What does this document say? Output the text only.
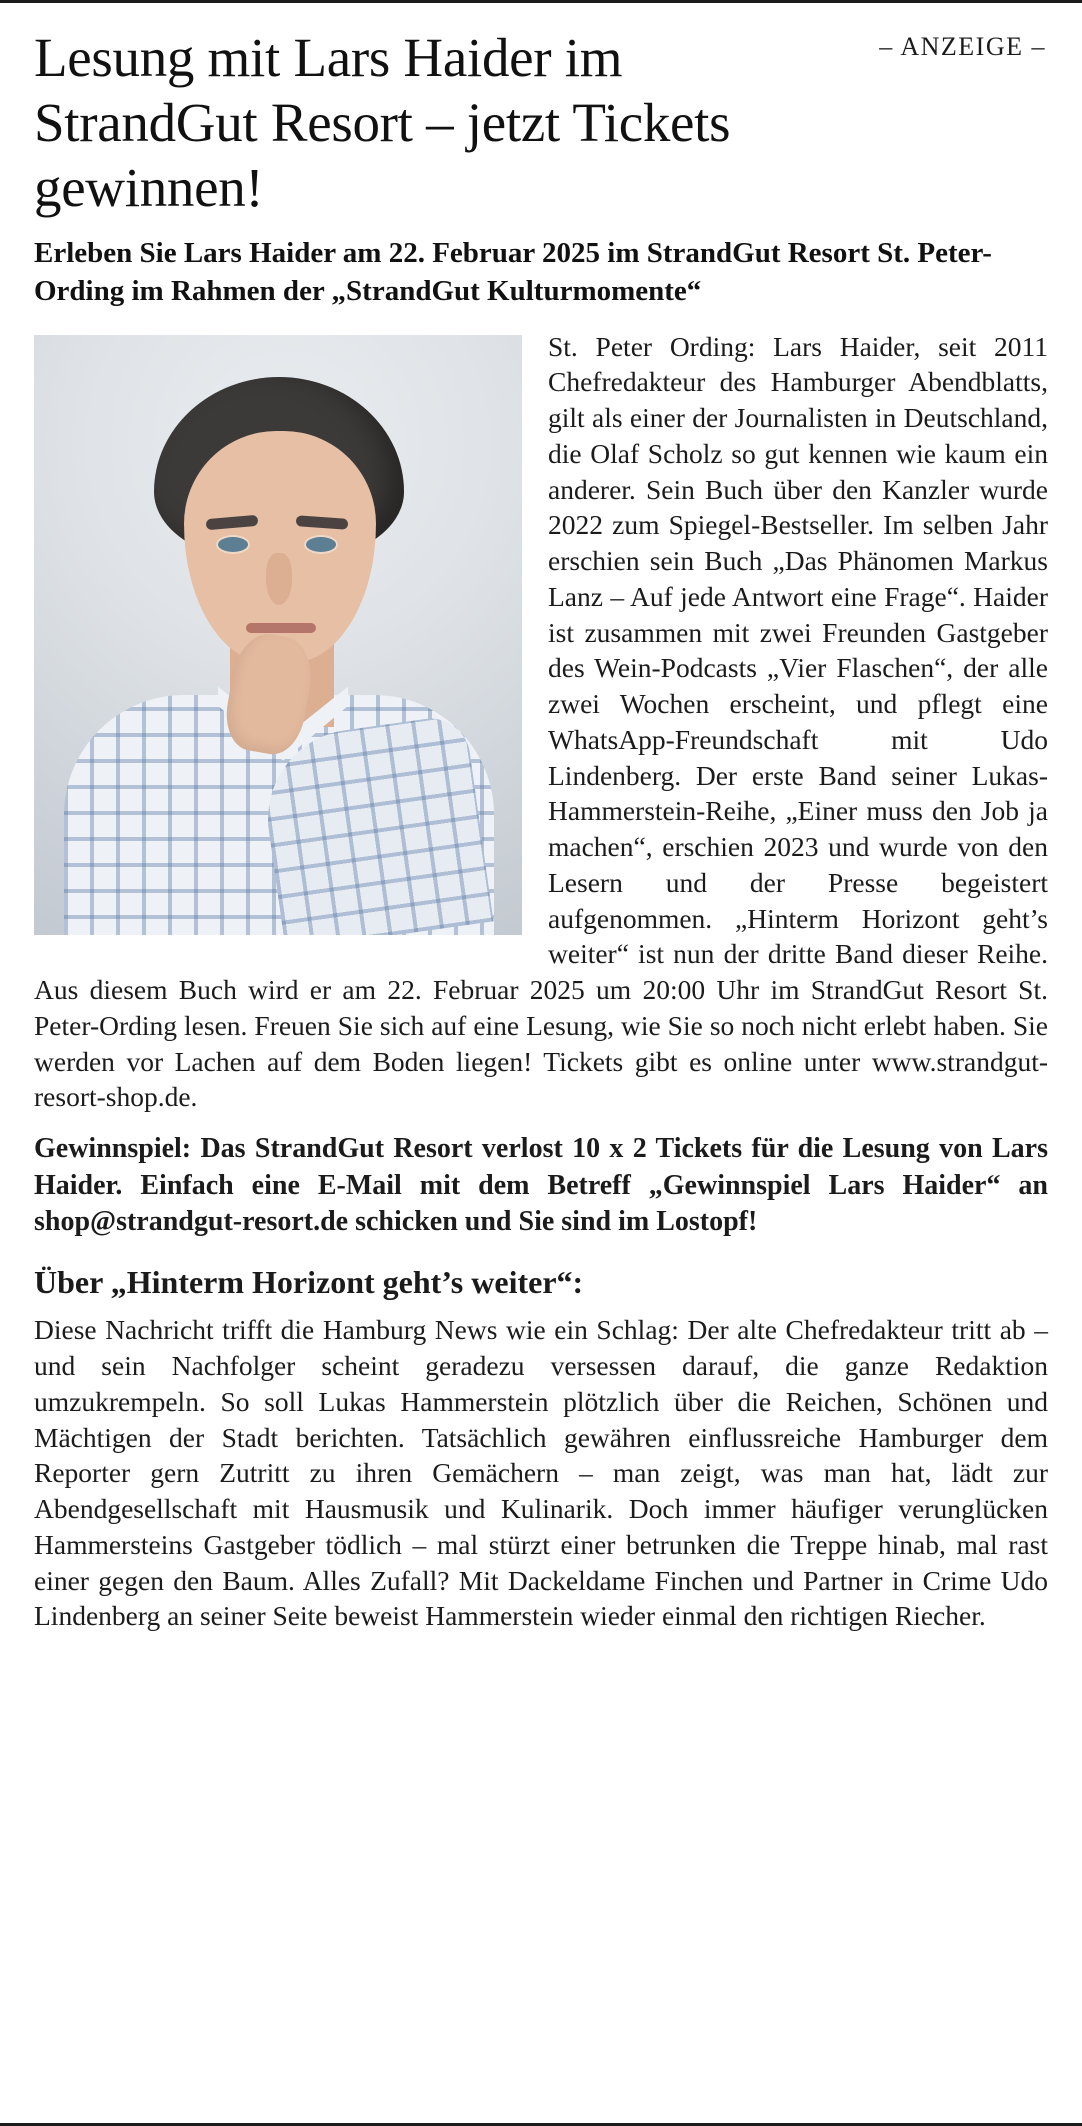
– ANZEIGE –
Lesung mit Lars Haider im StrandGut Resort – jetzt Tickets gewinnen!
Erleben Sie Lars Haider am 22. Februar 2025 im StrandGut Resort St. Peter-Ording im Rahmen der „StrandGut Kulturmomente“

St. Peter Ording: Lars Haider, seit 2011 Chefredakteur des Hamburger Abendblatts, gilt als einer der Journalisten in Deutschland, die Olaf Scholz so gut kennen wie kaum ein anderer. Sein Buch über den Kanzler wurde 2022 zum Spiegel-Bestseller. Im selben Jahr erschien sein Buch „Das Phänomen Markus Lanz – Auf jede Antwort eine Frage“. Haider ist zusammen mit zwei Freunden Gastgeber des Wein-Podcasts „Vier Flaschen“, der alle zwei Wochen erscheint, und pflegt eine WhatsApp-Freundschaft mit Udo Lindenberg. Der erste Band seiner Lukas-Hammerstein-Reihe, „Einer muss den Job ja machen“, erschien 2023 und wurde von den Lesern und der Presse begeistert aufgenommen. „Hinterm Horizont geht’s weiter“ ist nun der dritte Band dieser Reihe. Aus diesem Buch wird er am 22. Februar 2025 um 20:00 Uhr im StrandGut Resort St. Peter-Ording lesen. Freuen Sie sich auf eine Lesung, wie Sie so noch nicht erlebt haben. Sie werden vor Lachen auf dem Boden liegen! Tickets gibt es online unter www.strandgut-resort-shop.de.

Gewinnspiel: Das StrandGut Resort verlost 10 x 2 Tickets für die Lesung von Lars Haider. Einfach eine E-Mail mit dem Betreff „Gewinnspiel Lars Haider“ an shop@strandgut-resort.de schicken und Sie sind im Lostopf!

Über „Hinterm Horizont geht’s weiter“:

Diese Nachricht trifft die Hamburg News wie ein Schlag: Der alte Chefredakteur tritt ab – und sein Nachfolger scheint geradezu versessen darauf, die ganze Redaktion umzukrempeln. So soll Lukas Hammerstein plötzlich über die Reichen, Schönen und Mächtigen der Stadt berichten. Tatsächlich gewähren einflussreiche Hamburger dem Reporter gern Zutritt zu ihren Gemächern – man zeigt, was man hat, lädt zur Abendgesellschaft mit Hausmusik und Kulinarik. Doch immer häufiger verunglücken Hammersteins Gastgeber tödlich – mal stürzt einer betrunken die Treppe hinab, mal rast einer gegen den Baum. Alles Zufall? Mit Dackeldame Finchen und Partner in Crime Udo Lindenberg an seiner Seite beweist Hammerstein wieder einmal den richtigen Riecher.
